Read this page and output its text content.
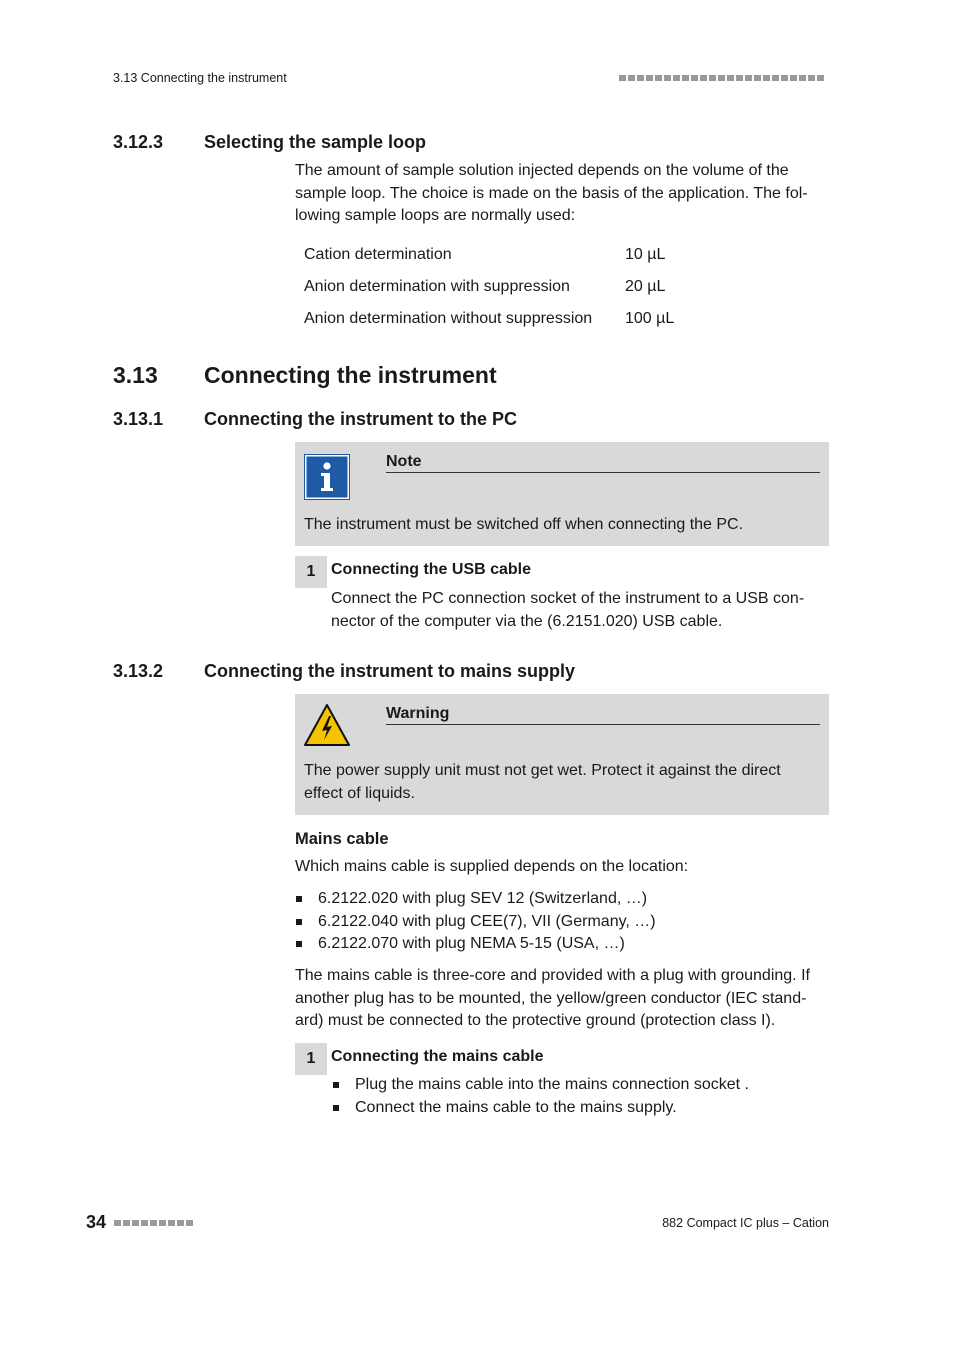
3.13 Connecting the instrument
3.12.3 Selecting the sample loop
The amount of sample solution injected depends on the volume of the
sample loop. The choice is made on the basis of the application. The fol-
lowing sample loops are normally used:
Cation determination	10 µL
Anion determination with suppression	20 µL
Anion determination without suppression	100 µL
3.13 Connecting the instrument
3.13.1 Connecting the instrument to the PC
Note
The instrument must be switched off when connecting the PC.
1 Connecting the USB cable
Connect the PC connection socket of the instrument to a USB con-
nector of the computer via the (6.2151.020) USB cable.
3.13.2 Connecting the instrument to mains supply
Warning
The power supply unit must not get wet. Protect it against the direct
effect of liquids.
Mains cable
Which mains cable is supplied depends on the location:
6.2122.020 with plug SEV 12 (Switzerland, …)
6.2122.040 with plug CEE(7), VII (Germany, …)
6.2122.070 with plug NEMA 5-15 (USA, …)
The mains cable is three-core and provided with a plug with grounding. If
another plug has to be mounted, the yellow/green conductor (IEC stand-
ard) must be connected to the protective ground (protection class I).
1 Connecting the mains cable
Plug the mains cable into the mains connection socket .
Connect the mains cable to the mains supply.
34	882 Compact IC plus – Cation
